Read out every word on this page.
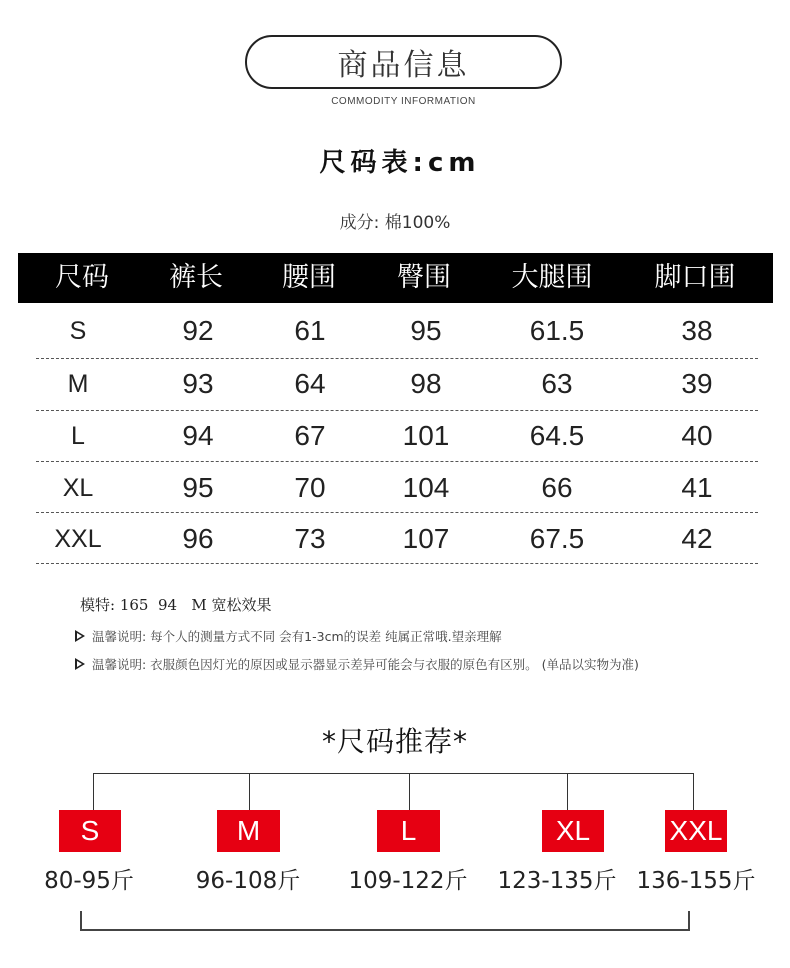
商品信息
COMMODITY INFORMATION
尺码表:cm
成分: 棉100%
尺码 裤长 腰围 臀围 大腿围 脚口围
S	92	61	95	61.5	38
M	93	64	98	63	39
L	94	67	101	64.5	40
XL	95	70	104	66	41
XXL	96	73	107	67.5	42
模特: 165  94   M 宽松效果
温馨说明: 每个人的测量方式不同 会有1-3cm的误差 纯属正常哦.望亲理解
温馨说明: 衣服颜色因灯光的原因或显示器显示差异可能会与衣服的原色有区别。 (单品以实物为准)
*尺码推荐*
S	M	L	XL	XXL
80-95斤	96-108斤 109-122斤 123-135斤 136-155斤
